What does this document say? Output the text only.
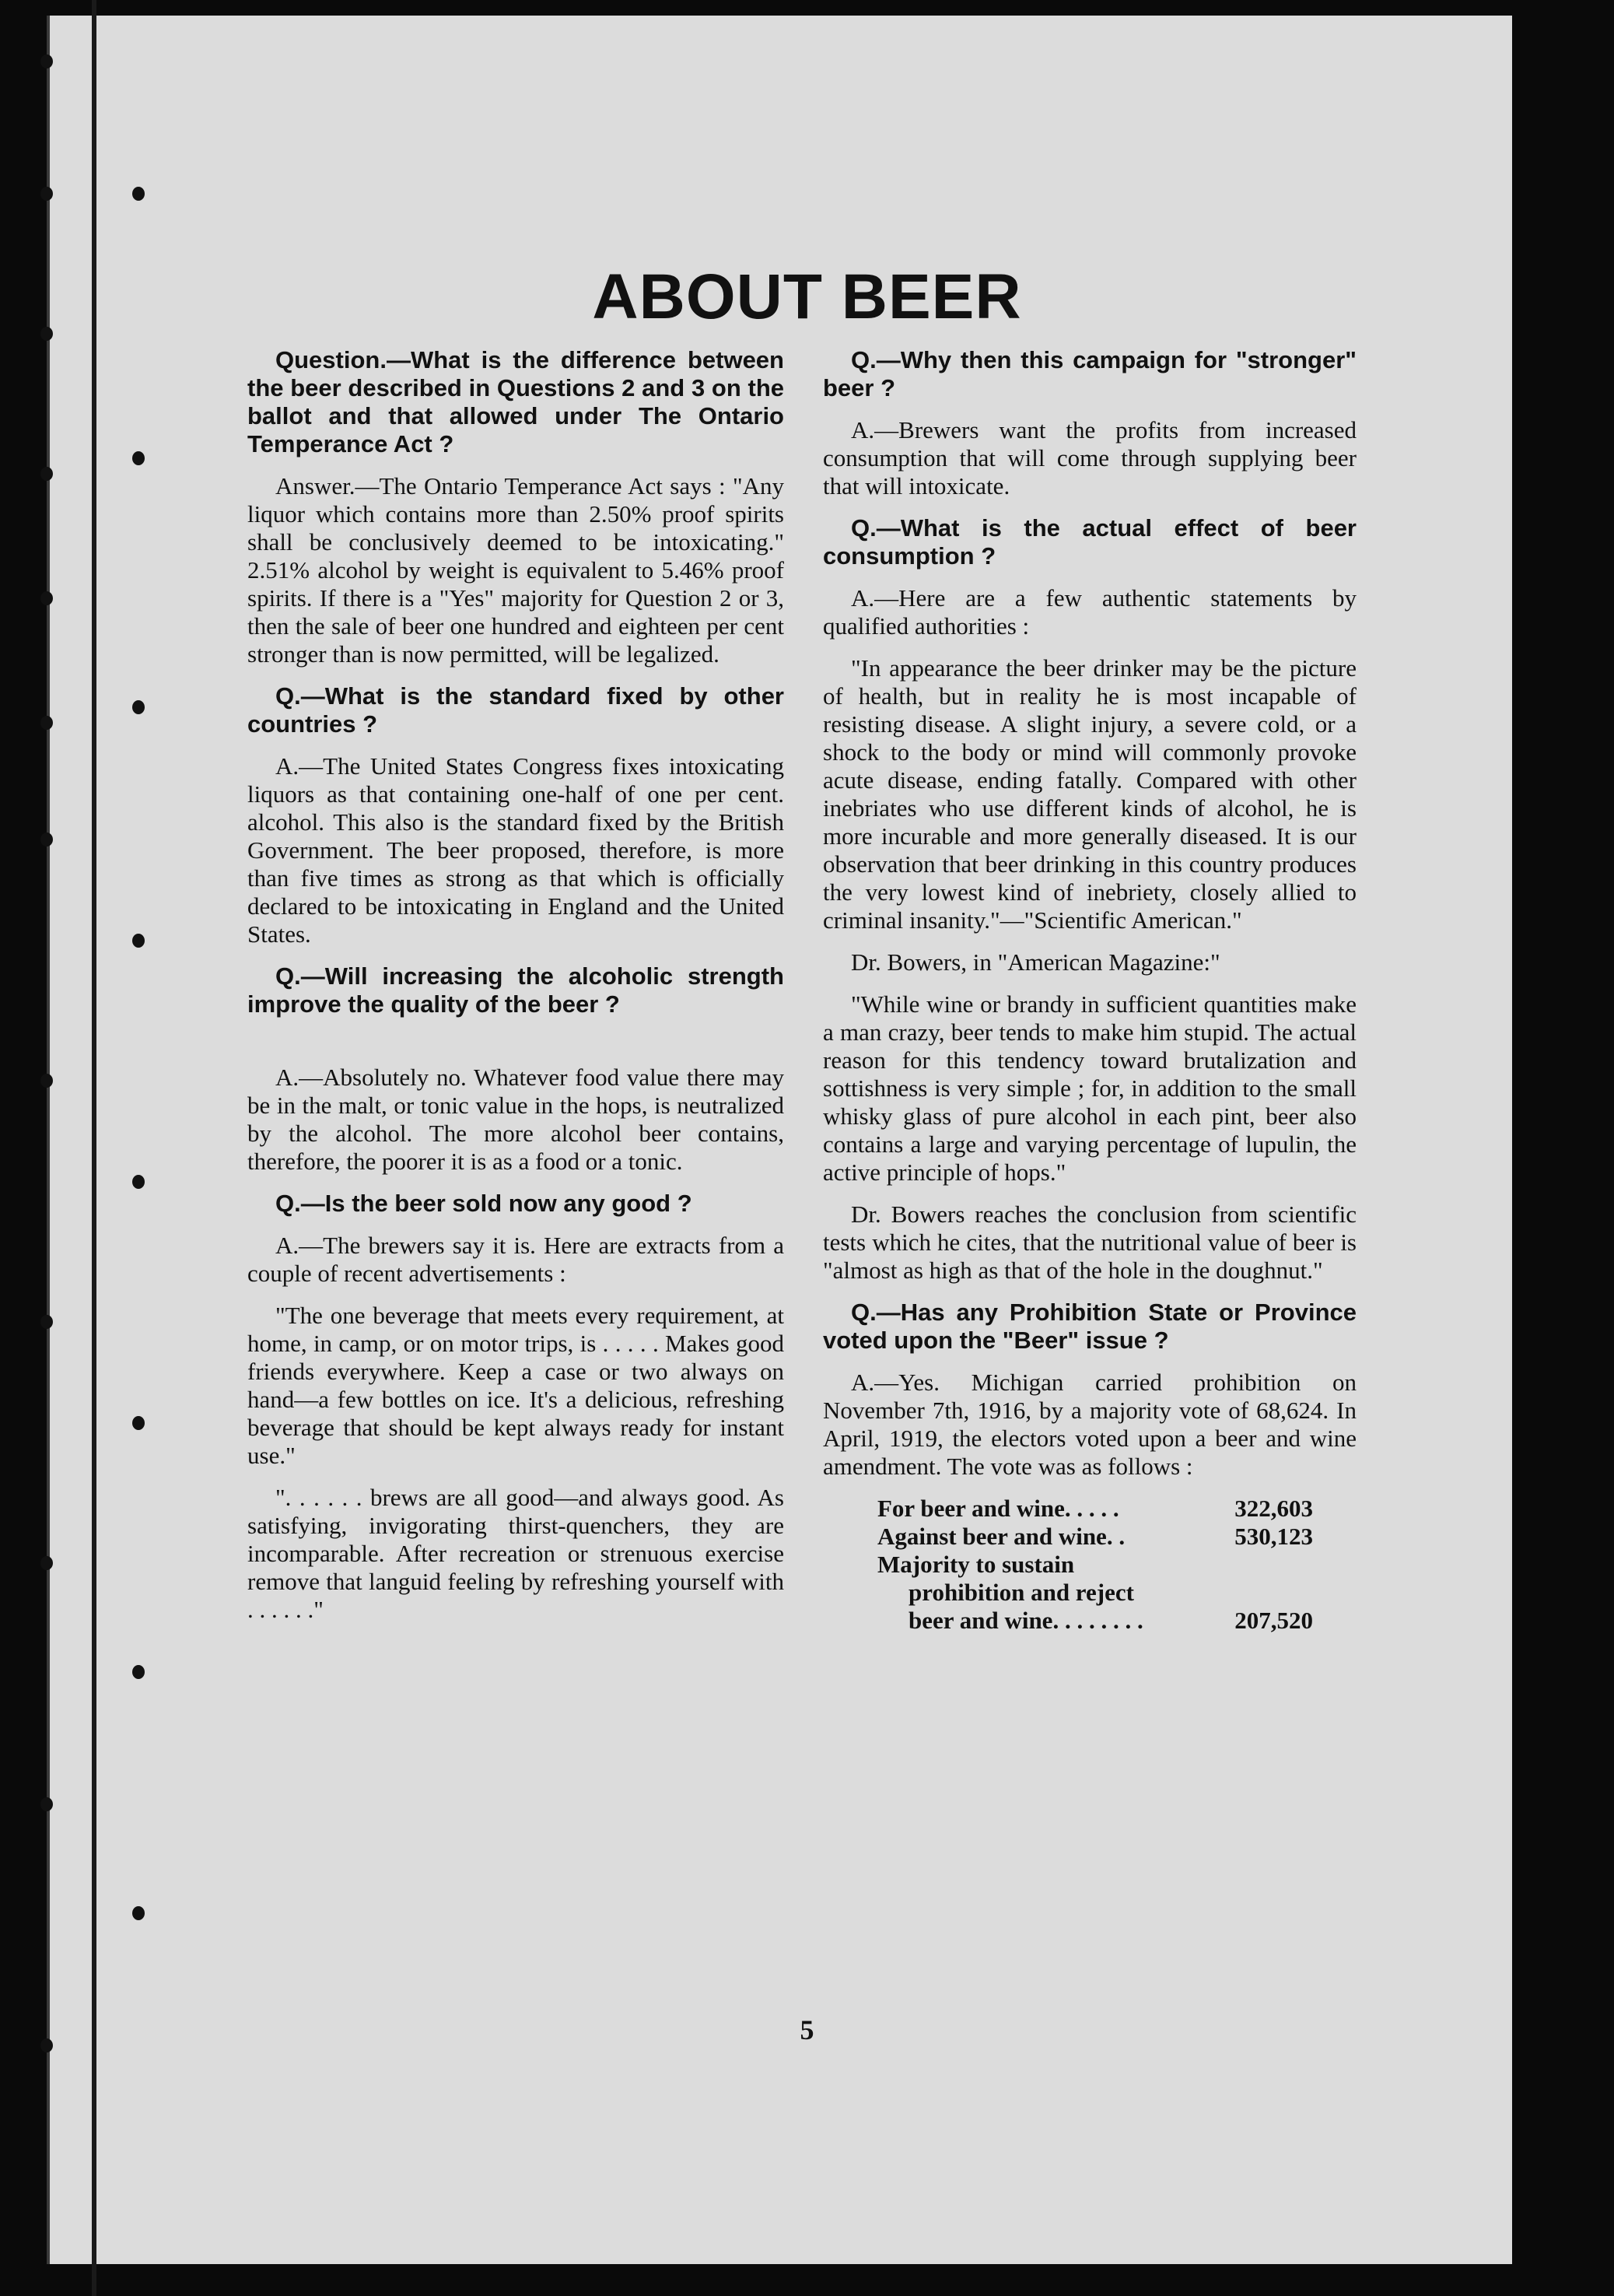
ABOUT BEER

Question.—What is the difference between the beer described in Questions 2 and 3 on the ballot and that allowed under The Ontario Temperance Act ?

Answer.—The Ontario Temperance Act says : "Any liquor which contains more than 2.50% proof spirits shall be conclusively deemed to be intoxicating." 2.51% alcohol by weight is equivalent to 5.46% proof spirits. If there is a "Yes" majority for Question 2 or 3, then the sale of beer one hundred and eighteen per cent stronger than is now permitted, will be legalized.

Q.—What is the standard fixed by other countries ?

A.—The United States Congress fixes intoxicating liquors as that containing one-half of one per cent. alcohol. This also is the standard fixed by the British Government. The beer proposed, therefore, is more than five times as strong as that which is officially declared to be intoxicating in England and the United States.

Q.—Will increasing the alcoholic strength improve the quality of the beer ?

A.—Absolutely no. Whatever food value there may be in the malt, or tonic value in the hops, is neutralized by the alcohol. The more alcohol beer contains, therefore, the poorer it is as a food or a tonic.

Q.—Is the beer sold now any good ?

A.—The brewers say it is. Here are extracts from a couple of recent advertisements :

"The one beverage that meets every requirement, at home, in camp, or on motor trips, is . . . . . Makes good friends everywhere. Keep a case or two always on hand—a few bottles on ice. It's a delicious, refreshing beverage that should be kept always ready for instant use."

". . . . . . brews are all good—and always good. As satisfying, invigorating thirst-quenchers, they are incomparable. After recreation or strenuous exercise remove that languid feeling by refreshing yourself with . . . . . ."

Q.—Why then this campaign for "stronger" beer ?

A.—Brewers want the profits from increased consumption that will come through supplying beer that will intoxicate.

Q.—What is the actual effect of beer consumption ?

A.—Here are a few authentic statements by qualified authorities :

"In appearance the beer drinker may be the picture of health, but in reality he is most incapable of resisting disease. A slight injury, a severe cold, or a shock to the body or mind will commonly provoke acute disease, ending fatally. Compared with other inebriates who use different kinds of alcohol, he is more incurable and more generally diseased. It is our observation that beer drinking in this country produces the very lowest kind of inebriety, closely allied to criminal insanity."—"Scientific American."

Dr. Bowers, in "American Magazine:"

"While wine or brandy in sufficient quantities make a man crazy, beer tends to make him stupid. The actual reason for this tendency toward brutalization and sottishness is very simple ; for, in addition to the small whisky glass of pure alcohol in each pint, beer also contains a large and varying percentage of lupulin, the active principle of hops."

Dr. Bowers reaches the conclusion from scientific tests which he cites, that the nutritional value of beer is "almost as high as that of the hole in the doughnut."

Q.—Has any Prohibition State or Province voted upon the "Beer" issue ?

A.—Yes. Michigan carried prohibition on November 7th, 1916, by a majority vote of 68,624. In April, 1919, the electors voted upon a beer and wine amendment. The vote was as follows :

For beer and wine. . . . .	322,603
Against beer and wine. .	530,123
Majority to sustain
prohibition and reject
beer and wine. . . . . . . .	207,520
5
